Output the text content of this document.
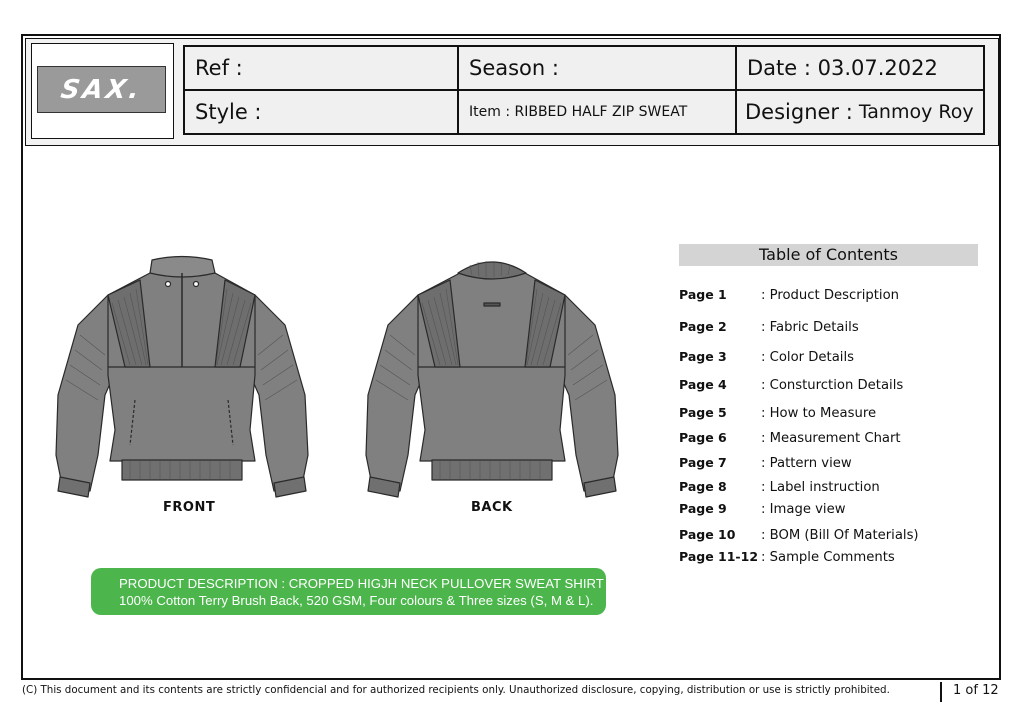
SAX.
Ref :	Season :	Date : 03.07.2022
Style :	Item : RIBBED HALF ZIP SWEAT	Designer : Tanmoy Roy
FRONT	BACK
PRODUCT DESCRIPTION : CROPPED HIGJH NECK PULLOVER SWEAT SHIRT
100% Cotton Terry Brush Back, 520 GSM, Four colours & Three sizes (S, M & L).
Table of Contents
Page 1	: Product Description
Page 2	: Fabric Details
Page 3	: Color Details
Page 4	: Consturction Details
Page 5	: How to Measure
Page 6	: Measurement Chart
Page 7	: Pattern view
Page 8	: Label instruction
Page 9	: Image view
Page 10 : BOM (Bill Of Materials)
Page 11-12 : Sample Comments
(C) This document and its contents are strictly confidencial and for authorized recipients only. Unauthorized disclosure, copying, distribution or use is strictly prohibited.	1 of 12
